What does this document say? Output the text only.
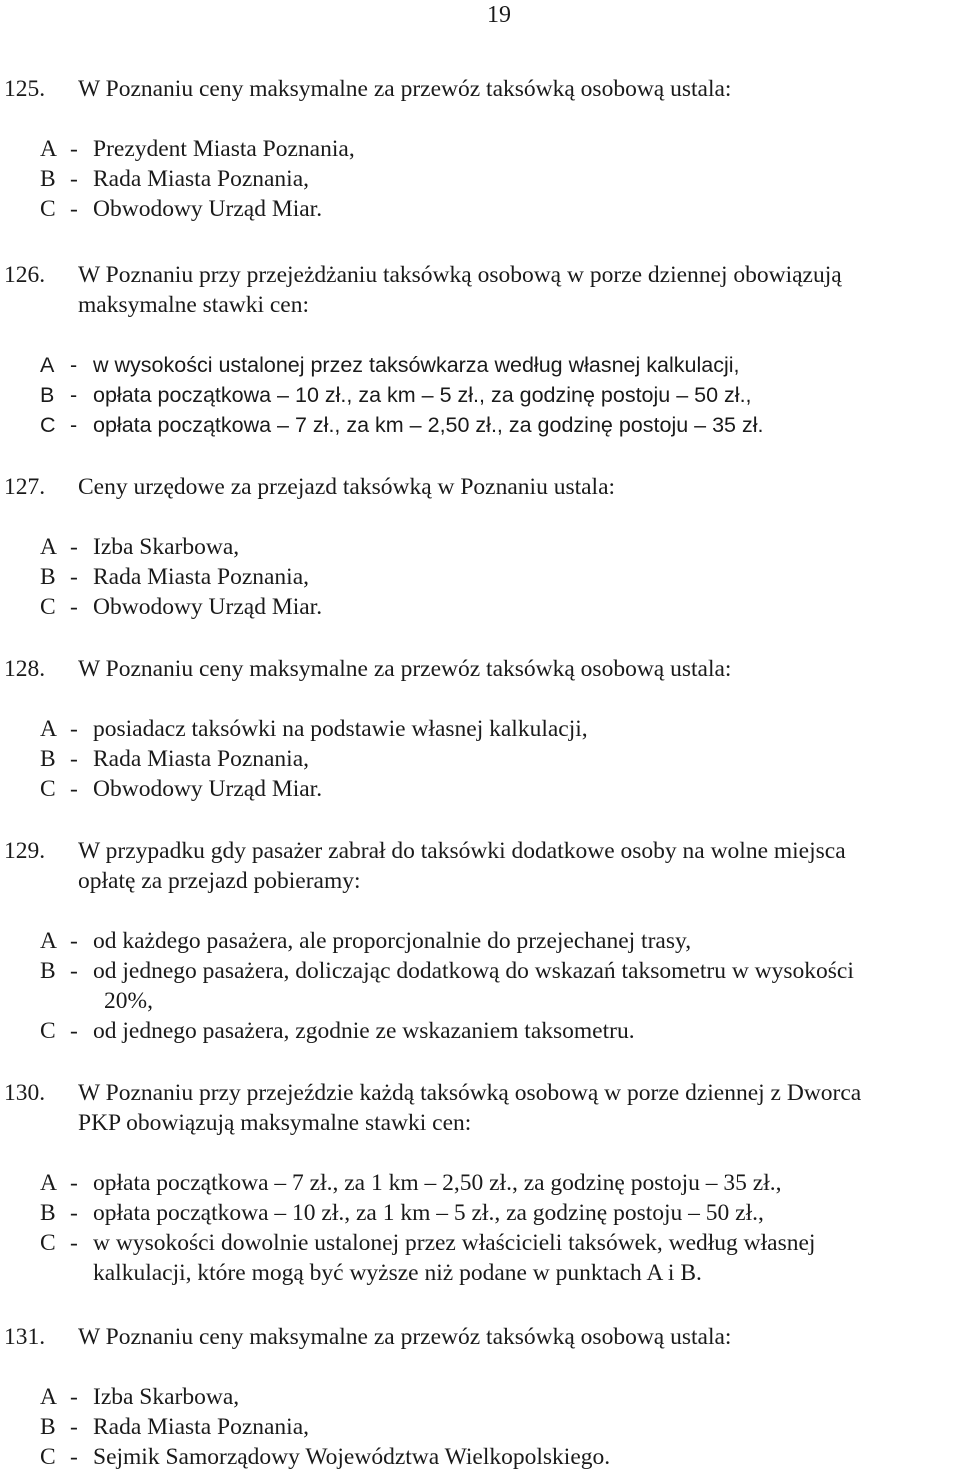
19
125. W Poznaniu ceny maksymalne za przewóz taksówką osobową ustala:
A - Prezydent Miasta Poznania,
B - Rada Miasta Poznania,
C - Obwodowy Urząd Miar.
126. W Poznaniu przy przejeżdżaniu taksówką osobową w porze dziennej obowiązują
maksymalne stawki cen:
A - w wysokości ustalonej przez taksówkarza według własnej kalkulacji,
B - opłata początkowa – 10 zł., za km – 5 zł., za godzinę postoju – 50 zł.,
C - opłata początkowa – 7 zł., za km – 2,50 zł., za godzinę postoju – 35 zł.
127. Ceny urzędowe za przejazd taksówką w Poznaniu ustala:
A - Izba Skarbowa,
B - Rada Miasta Poznania,
C - Obwodowy Urząd Miar.
128. W Poznaniu ceny maksymalne za przewóz taksówką osobową ustala:
A - posiadacz taksówki na podstawie własnej kalkulacji,
B - Rada Miasta Poznania,
C - Obwodowy Urząd Miar.
129. W przypadku gdy pasażer zabrał do taksówki dodatkowe osoby na wolne miejsca
opłatę za przejazd pobieramy:
A - od każdego pasażera, ale proporcjonalnie do przejechanej trasy,
B - od jednego pasażera, doliczając dodatkową do wskazań taksometru w wysokości
20%,
C - od jednego pasażera, zgodnie ze wskazaniem taksometru.
130. W Poznaniu przy przejeździe każdą taksówką osobową w porze dziennej z Dworca
PKP obowiązują maksymalne stawki cen:
A - opłata początkowa – 7 zł., za 1 km – 2,50 zł., za godzinę postoju – 35 zł.,
B - opłata początkowa – 10 zł., za 1 km – 5 zł., za godzinę postoju – 50 zł.,
C - w wysokości dowolnie ustalonej przez właścicieli taksówek, według własnej
kalkulacji, które mogą być wyższe niż podane w punktach A i B.
131. W Poznaniu ceny maksymalne za przewóz taksówką osobową ustala:
A - Izba Skarbowa,
B - Rada Miasta Poznania,
C - Sejmik Samorządowy Województwa Wielkopolskiego.
